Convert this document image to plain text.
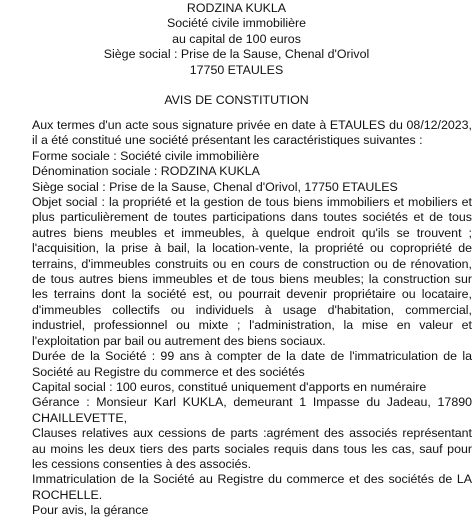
RODZINA KUKLA
Société civile immobilière
au capital de 100 euros
Siège social : Prise de la Sause, Chenal d'Orivol
17750 ETAULES
AVIS DE CONSTITUTION

Aux termes d'un acte sous signature privée en date à ETAULES du 08/12/2023, il a été constitué une société présentant les caractéristiques suivantes :

Forme sociale : Société civile immobilière

Dénomination sociale : RODZINA KUKLA

Siège social : Prise de la Sause, Chenal d'Orivol, 17750 ETAULES

Objet social : la propriété et la gestion de tous biens immobiliers et mobiliers et plus particulièrement de toutes participations dans toutes sociétés et de tous autres biens meubles et immeubles, à quelque endroit qu'ils se trouvent ; l'acquisition, la prise à bail, la location-vente, la propriété ou copropriété de terrains, d'immeubles construits ou en cours de construction ou de rénovation, de tous autres biens immeubles et de tous biens meubles; la construction sur les terrains dont la société est, ou pourrait devenir propriétaire ou locataire, d'immeubles collectifs ou individuels à usage d'habitation, commercial, industriel, professionnel ou mixte ; l'administration, la mise en valeur et l'exploitation par bail ou autrement des biens sociaux.

Durée de la Société : 99 ans à compter de la date de l'immatriculation de la Société au Registre du commerce et des sociétés

Capital social : 100 euros, constitué uniquement d'apports en numéraire

Gérance : Monsieur Karl KUKLA, demeurant 1 Impasse du Jadeau, 17890 CHAILLEVETTE,

Clauses relatives aux cessions de parts :agrément des associés représentant au moins les deux tiers des parts sociales requis dans tous les cas, sauf pour les cessions consenties à des associés.

Immatriculation de la Société au Registre du commerce et des sociétés de LA ROCHELLE.

Pour avis, la gérance
